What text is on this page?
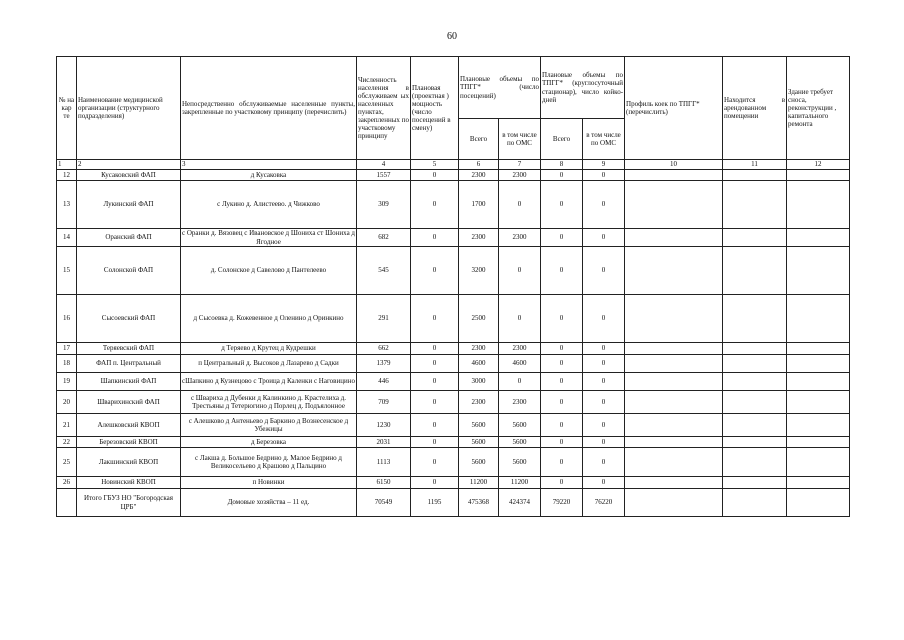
60
№ на кар те	Наименование медицинской организации (структурного подразделения)	Непосредственно обслуживаемые населенные пункты, закрепленные по участковому принципу (перечислить)	Численность населения в обслуживаем ых населенных пунктах, закрепленных по участковому принципу	Плановая (проектная ) мощность (число посещений в смену)	Плановые объемы по ТПГГ* (число посещений)		Плановые объемы по ТПГГ* (круглосуточный стационар), число койко-дней		Профиль коек по ТПГГ* (перечислить)	Находится в арендованном помещении	Здание требует сноса, реконструкции , капитального ремонта
					Всего	в том числе по ОМС	Всего	в том числе по ОМС			
1	2	3	4	5	6	7	8	9	10	11	12
12	Кусаковский ФАП	д Кусаковка	1557	0	2300	2300	0	0			
13	Лукинский ФАП	с Лукино д. Алистеево. д Чижково	309	0	1700	0	0	0			
14	Оранский ФАП	с Оранки д. Вязовец с Ивановское д Шониха ст Шониха д Ягодное	682	0	2300	2300	0	0			
15	Солонской ФАП	д. Солонское д Савелово д Пантелеево	545	0	3200	0	0	0			
16	Сысоевский ФАП	д Сысоевка д. Кожевенное д Оленино д Оринкино	291	0	2500	0	0	0			
17	Теряевский ФАП	д Теряево д Крутец д Кудрешки	662	0	2300	2300	0	0			
18	ФАП п. Центральный	п Центральный д. Высоков д Лазарево д Садки	1379	0	4600	4600	0	0			
19	Шапкинский ФАП	сШапкино д Кузнецово с Троица д Каленки с Наговицино	446	0	3000	0	0	0			
20	Шварихинский ФАП	с Швариха д Дубенки д Калинкино д. Крастелиха д. Трестьяны д Тетерюгино д Порлец д. Подъялонное	709	0	2300	2300	0	0			
21	Алешковский КВОП	с Алешково д Антеньево д Баркино д Вознесенское д Убежицы	1230	0	5600	5600	0	0			
22	Березовский КВОП	д Березовка	2031	0	5600	5600	0	0			
25	Лакшинский КВОП	с Лакша д. Большое Бедрино д. Малое Бедрино д Великосельево д Крашово д Пальцино	1113	0	5600	5600	0	0			
26	Новинский КВОП	п Новинки	6150	0	11200	11200	0	0			
	Итого ГБУЗ НО "Богородская ЦРБ"	Домовые хозяйства – 11 ед.	70549	1195	475368	424374	79220	76220			
